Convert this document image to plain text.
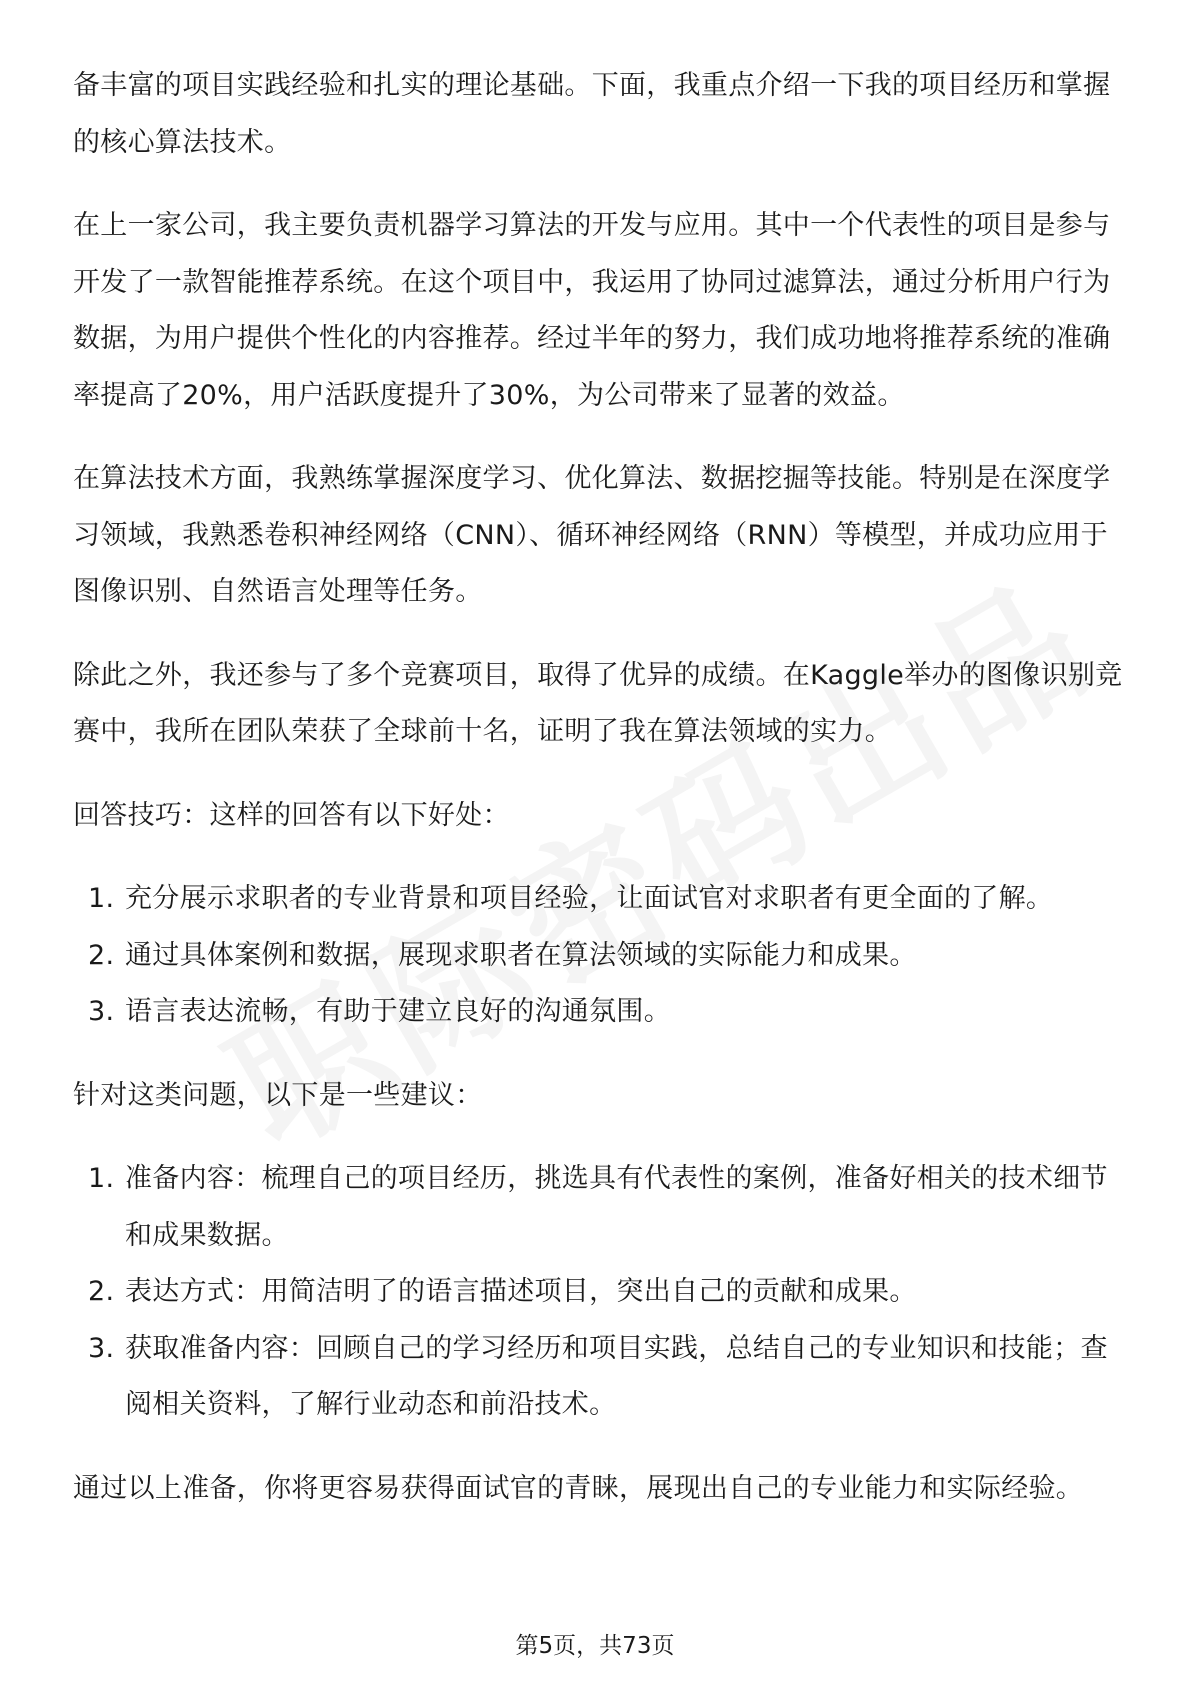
备丰富的项目实践经验和扎实的理论基础。下面，我重点介绍一下我的项目经历和掌握的核心算法技术。

在上一家公司，我主要负责机器学习算法的开发与应用。其中一个代表性的项目是参与开发了一款智能推荐系统。在这个项目中，我运用了协同过滤算法，通过分析用户行为数据，为用户提供个性化的内容推荐。经过半年的努力，我们成功地将推荐系统的准确率提高了20%，用户活跃度提升了30%，为公司带来了显著的效益。

在算法技术方面，我熟练掌握深度学习、优化算法、数据挖掘等技能。特别是在深度学习领域，我熟悉卷积神经网络（CNN）、循环神经网络（RNN）等模型，并成功应用于图像识别、自然语言处理等任务。

除此之外，我还参与了多个竞赛项目，取得了优异的成绩。在Kaggle举办的图像识别竞赛中，我所在团队荣获了全球前十名，证明了我在算法领域的实力。

回答技巧：这样的回答有以下好处：

1. 充分展示求职者的专业背景和项目经验，让面试官对求职者有更全面的了解。
2. 通过具体案例和数据，展现求职者在算法领域的实际能力和成果。
3. 语言表达流畅，有助于建立良好的沟通氛围。

针对这类问题，以下是一些建议：

1. 准备内容：梳理自己的项目经历，挑选具有代表性的案例，准备好相关的技术细节和成果数据。
2. 表达方式：用简洁明了的语言描述项目，突出自己的贡献和成果。
3. 获取准备内容：回顾自己的学习经历和项目实践，总结自己的专业知识和技能；查阅相关资料，了解行业动态和前沿技术。

通过以上准备，你将更容易获得面试官的青睐，展现出自己的专业能力和实际经验。

第5页，共73页
